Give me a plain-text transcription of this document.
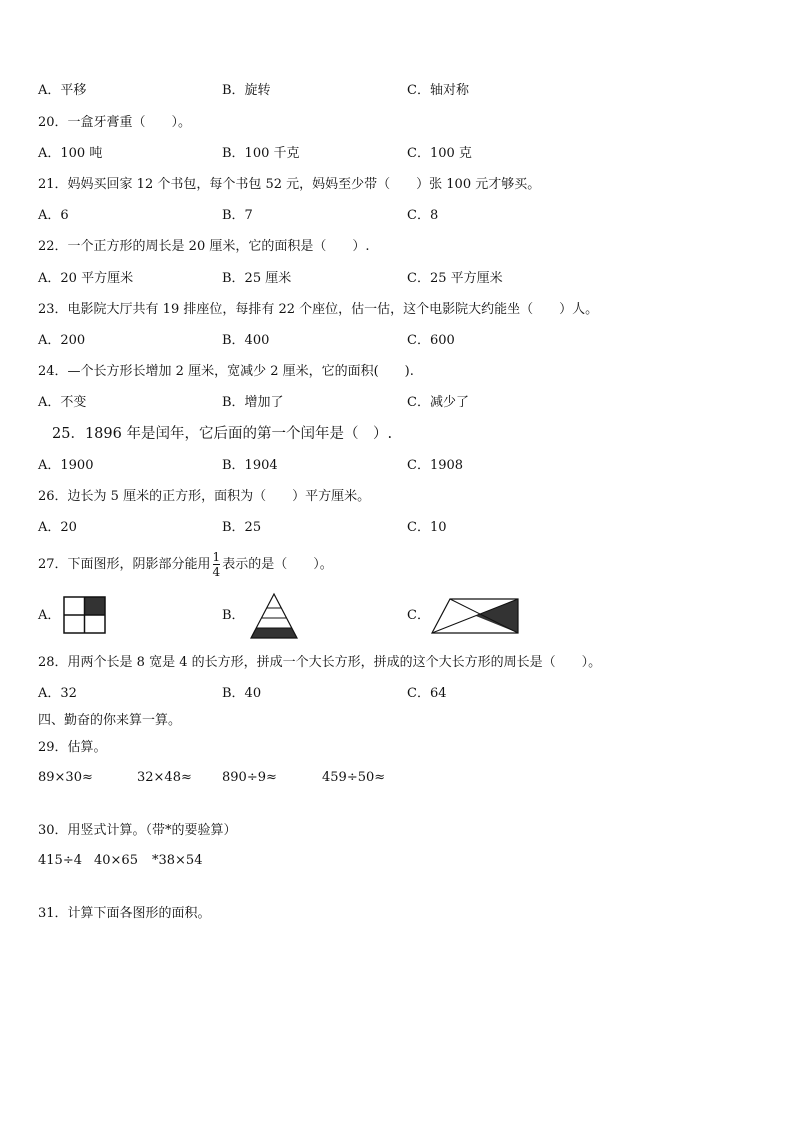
A．平移	B．旋转	C．轴对称
20．一盒牙膏重（　　）。
A．100 吨	B．100 千克	C．100 克
21．妈妈买回家 12 个书包，每个书包 52 元，妈妈至少带（　　）张 100 元才够买。
A．6	B．7	C．8
22．一个正方形的周长是 20 厘米，它的面积是（　　）.
A．20 平方厘米	B．25 厘米	C．25 平方厘米
23．电影院大厅共有 19 排座位，每排有 22 个座位，估一估，这个电影院大约能坐（　　）人。
A．200	B．400	C．600
24．—个长方形长增加 2 厘米，宽减少 2 厘米，它的面积(　　).
A．不变	B．增加了	C．减少了
25．1896 年是闰年，它后面的第一个闰年是（　）.
A．1900	B．1904	C．1908
26．边长为 5 厘米的正方形，面积为（　　）平方厘米。
A．20	B．25	C．10
27．下面图形，阴影部分能用 $\frac{1}{4}$ 表示的是（　　）。
A．	B．	C．
28．用两个长是 8 宽是 4 的长方形，拼成一个大长方形，拼成的这个大长方形的周长是（　　）。
A．32	B．40	C．64
四、勤奋的你来算一算。
29．估算。
89×30≈	32×48≈ 890÷9≈	459÷50≈
30．用竖式计算。（带*的要验算）
415÷4 40×65 *38×54
31．计算下面各图形的面积。
